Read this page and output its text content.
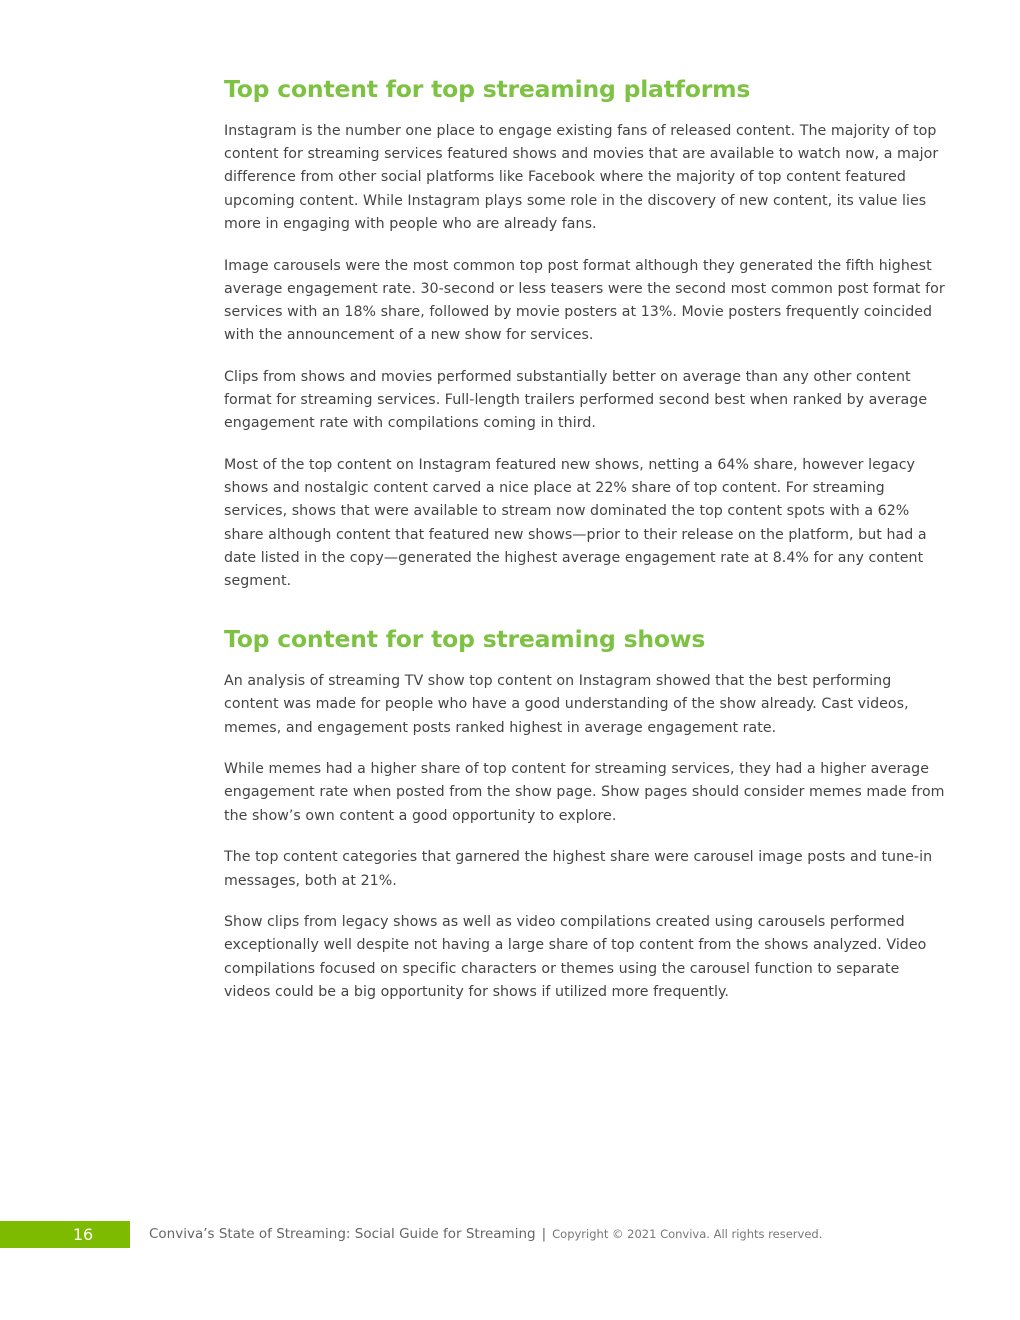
Top content for top streaming platforms

Instagram is the number one place to engage existing fans of released content. The majority of top content for streaming services featured shows and movies that are available to watch now, a major difference from other social platforms like Facebook where the majority of top content featured upcoming content. While Instagram plays some role in the discovery of new content, its value lies more in engaging with people who are already fans.

Image carousels were the most common top post format although they generated the fifth highest average engagement rate. 30-second or less teasers were the second most common post format for services with an 18% share, followed by movie posters at 13%. Movie posters frequently coincided with the announcement of a new show for services.

Clips from shows and movies performed substantially better on average than any other content format for streaming services. Full-length trailers performed second best when ranked by average engagement rate with compilations coming in third.

Most of the top content on Instagram featured new shows, netting a 64% share, however legacy shows and nostalgic content carved a nice place at 22% share of top content. For streaming services, shows that were available to stream now dominated the top content spots with a 62% share although content that featured new shows—prior to their release on the platform, but had a date listed in the copy—generated the highest average engagement rate at 8.4% for any content segment.

Top content for top streaming shows

An analysis of streaming TV show top content on Instagram showed that the best performing content was made for people who have a good understanding of the show already. Cast videos, memes, and engagement posts ranked highest in average engagement rate.

While memes had a higher share of top content for streaming services, they had a higher average engagement rate when posted from the show page. Show pages should consider memes made from the show’s own content a good opportunity to explore.

The top content categories that garnered the highest share were carousel image posts and tune-in messages, both at 21%.

Show clips from legacy shows as well as video compilations created using carousels performed exceptionally well despite not having a large share of top content from the shows analyzed. Video compilations focused on specific characters or themes using the carousel function to separate videos could be a big opportunity for shows if utilized more frequently.

16	Conviva’s State of Streaming: Social Guide for Streaming | Copyright © 2021 Conviva. All rights reserved.
